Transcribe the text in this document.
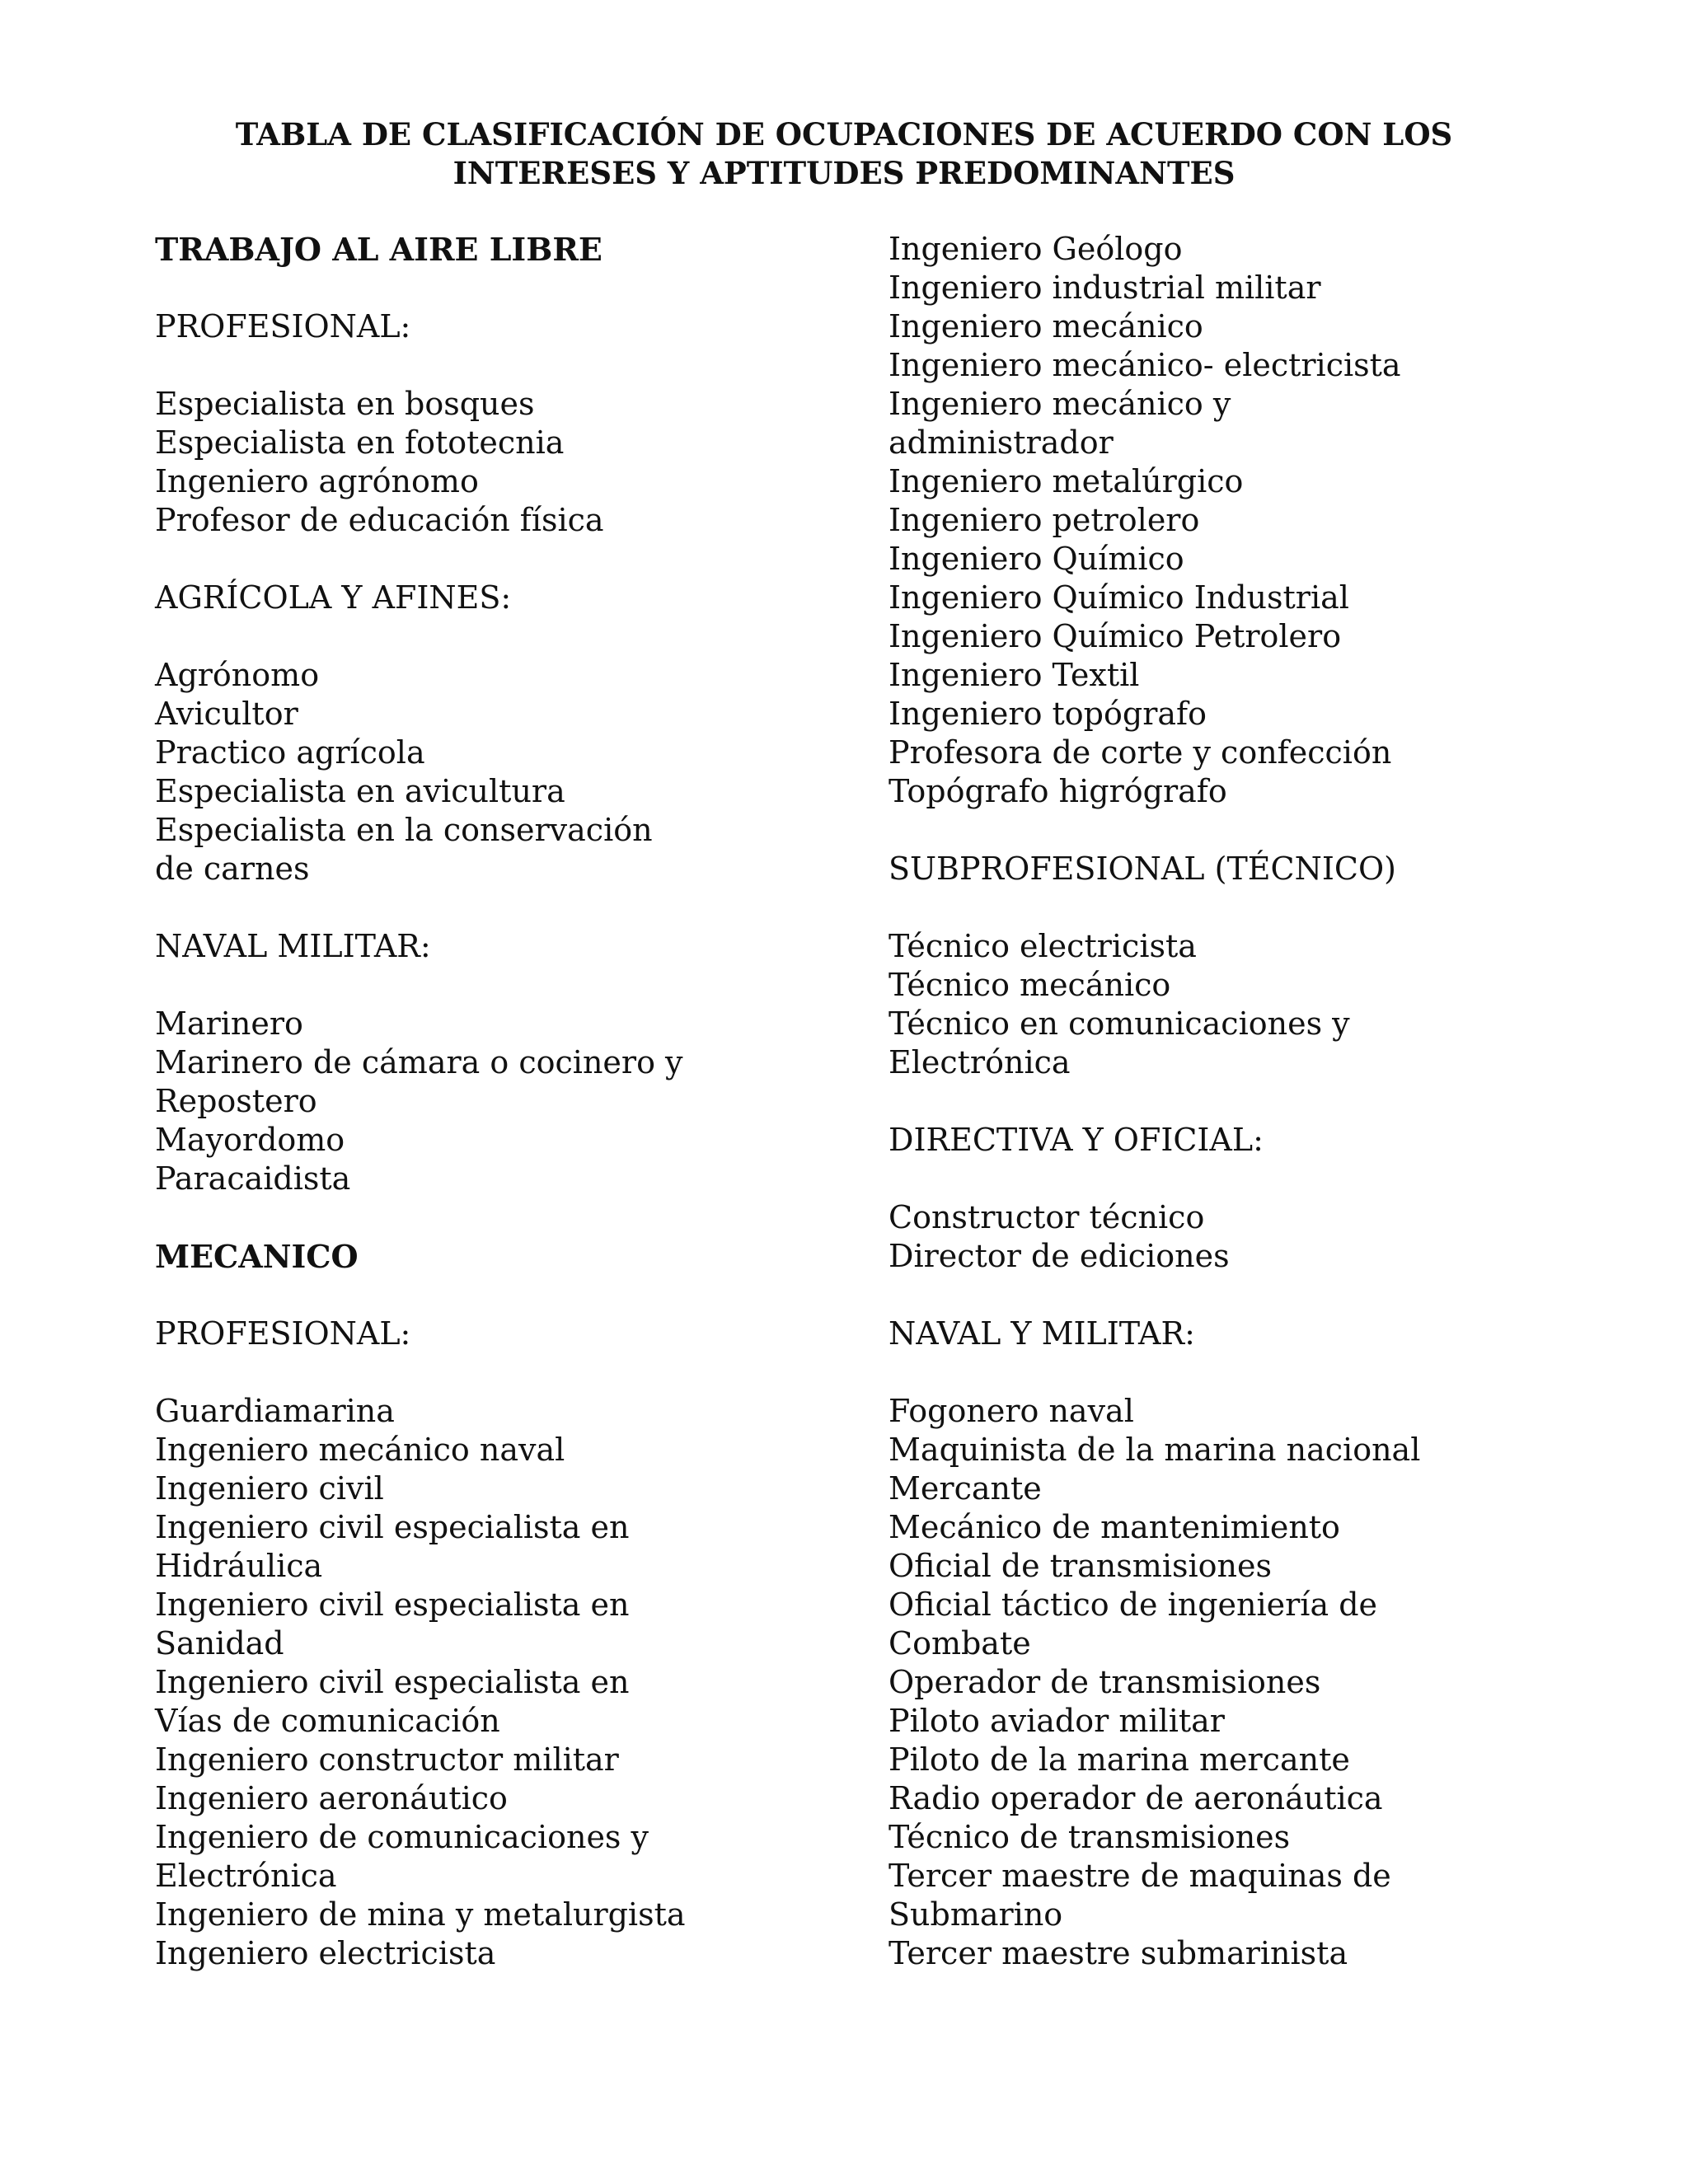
TABLA DE CLASIFICACIÓN DE OCUPACIONES DE ACUERDO CON LOS
INTERESES Y APTITUDES PREDOMINANTES
TRABAJO AL AIRE LIBRE
PROFESIONAL:
Especialista en bosques
Especialista en fototecnia
Ingeniero agrónomo
Profesor de educación física
AGRÍCOLA Y AFINES:
Agrónomo
Avicultor
Practico agrícola
Especialista en avicultura
Especialista en la conservación
de carnes
NAVAL MILITAR:
Marinero
Marinero de cámara o cocinero y
Repostero
Mayordomo
Paracaidista
MECANICO
PROFESIONAL:
Guardiamarina
Ingeniero mecánico naval
Ingeniero civil
Ingeniero civil especialista en
Hidráulica
Ingeniero civil especialista en
Sanidad
Ingeniero civil especialista en
Vías de comunicación
Ingeniero constructor militar
Ingeniero aeronáutico
Ingeniero de comunicaciones y
Electrónica
Ingeniero de mina y metalurgista
Ingeniero electricista
Ingeniero Geólogo
Ingeniero industrial militar
Ingeniero mecánico
Ingeniero mecánico- electricista
Ingeniero mecánico y
administrador
Ingeniero metalúrgico
Ingeniero petrolero
Ingeniero Químico
Ingeniero Químico Industrial
Ingeniero Químico Petrolero
Ingeniero Textil
Ingeniero topógrafo
Profesora de corte y confección
Topógrafo higrógrafo
SUBPROFESIONAL (TÉCNICO)
Técnico electricista
Técnico mecánico
Técnico en comunicaciones y
Electrónica
DIRECTIVA Y OFICIAL:
Constructor técnico
Director de ediciones
NAVAL Y MILITAR:
Fogonero naval
Maquinista de la marina nacional
Mercante
Mecánico de mantenimiento
Oficial de transmisiones
Oficial táctico de ingeniería de
Combate
Operador de transmisiones
Piloto aviador militar
Piloto de la marina mercante
Radio operador de aeronáutica
Técnico de transmisiones
Tercer maestre de maquinas de
Submarino
Tercer maestre submarinista
